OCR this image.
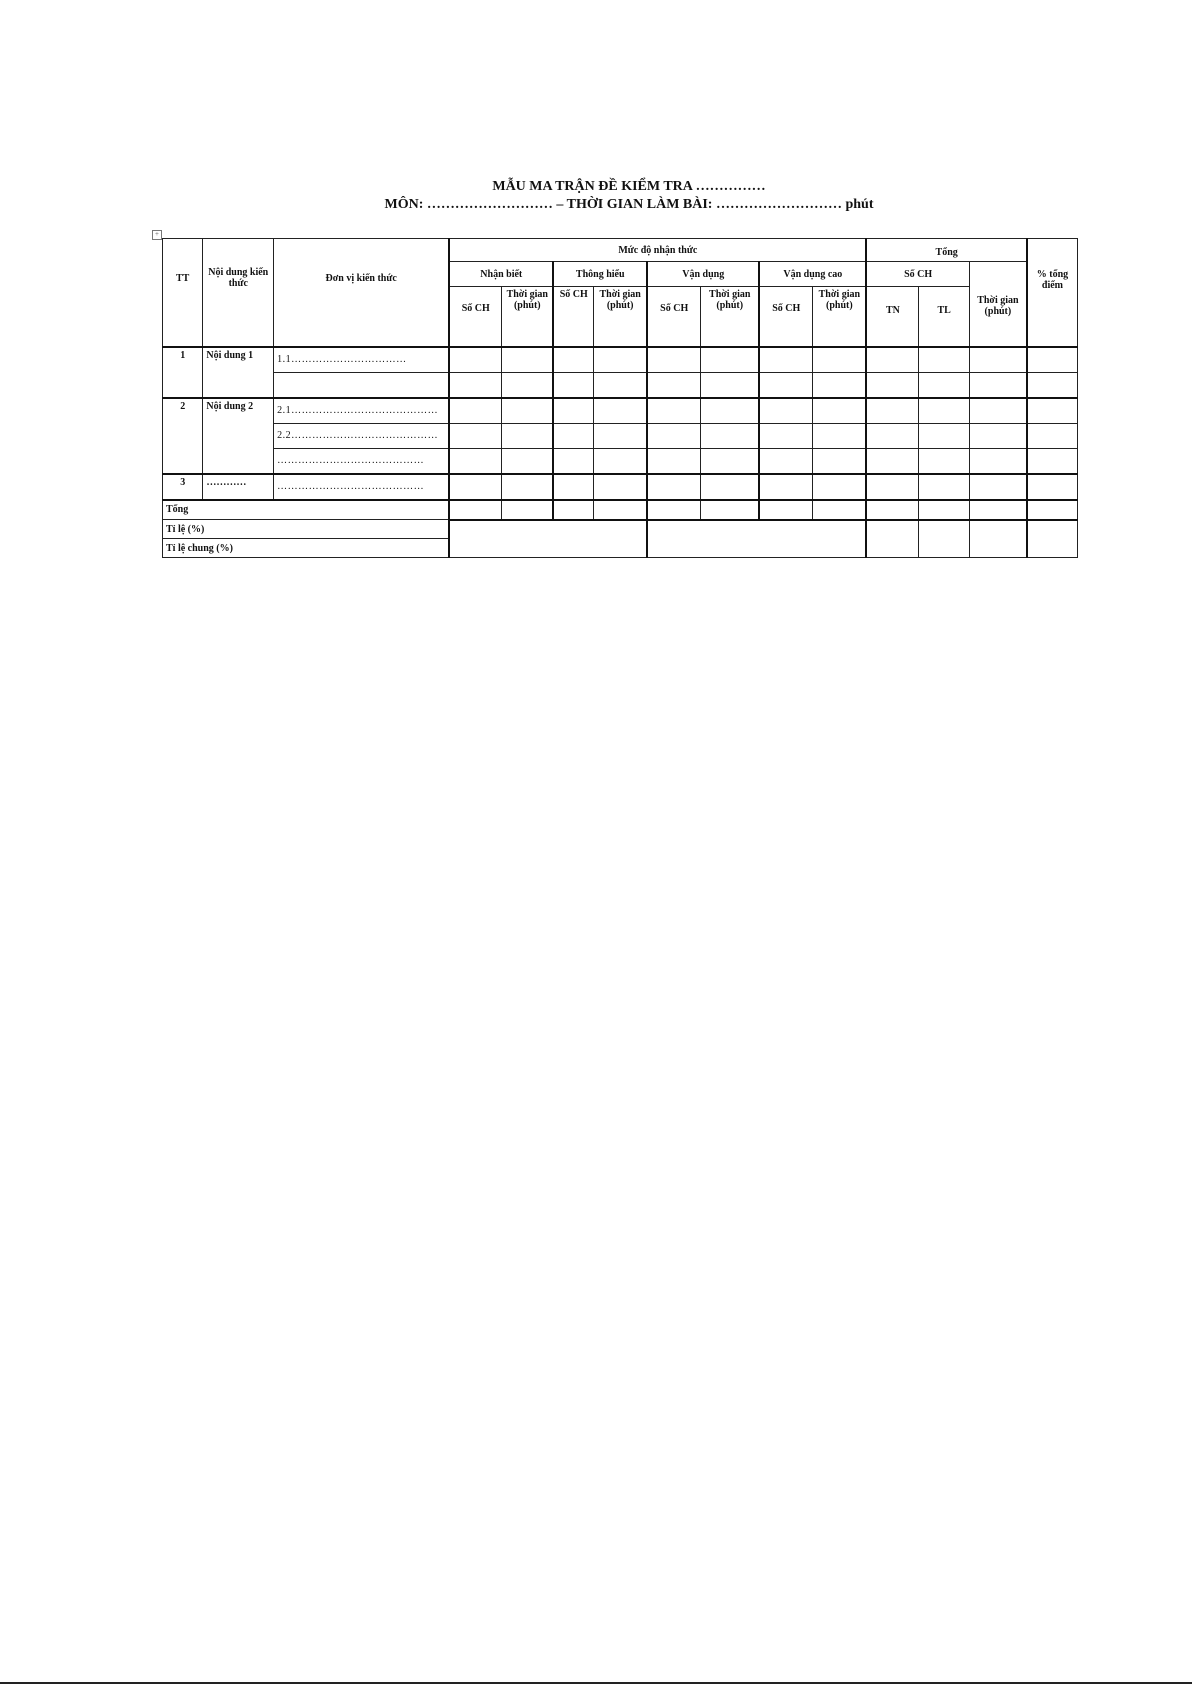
MẪU MA TRẬN ĐỀ KIỂM TRA ……………
MÔN: ……………………… – THỜI GIAN LÀM BÀI: ……………………… phút
+
TT	Nội dung kiến thức	Đơn vị kiến thức	Mức độ nhận thức								Tổng			% tổng điểm
			Nhận biết		Thông hiểu		Vận dụng		Vận dụng cao		Số CH		Thời gian (phút)	
			Số CH	Thời gian (phút)	Số CH	Thời gian (phút)	Số CH	Thời gian (phút)	Số CH	Thời gian (phút)	TN	TL		
1	Nội dung 1	1.1……………………………												

2	Nội dung 2	2.1……………………………………												
		2.2……………………………………												
		……………………………………												
3	…………	……………………………………												
Tổng														
Tỉ lệ (%)														
Tỉ lệ chung (%)														
